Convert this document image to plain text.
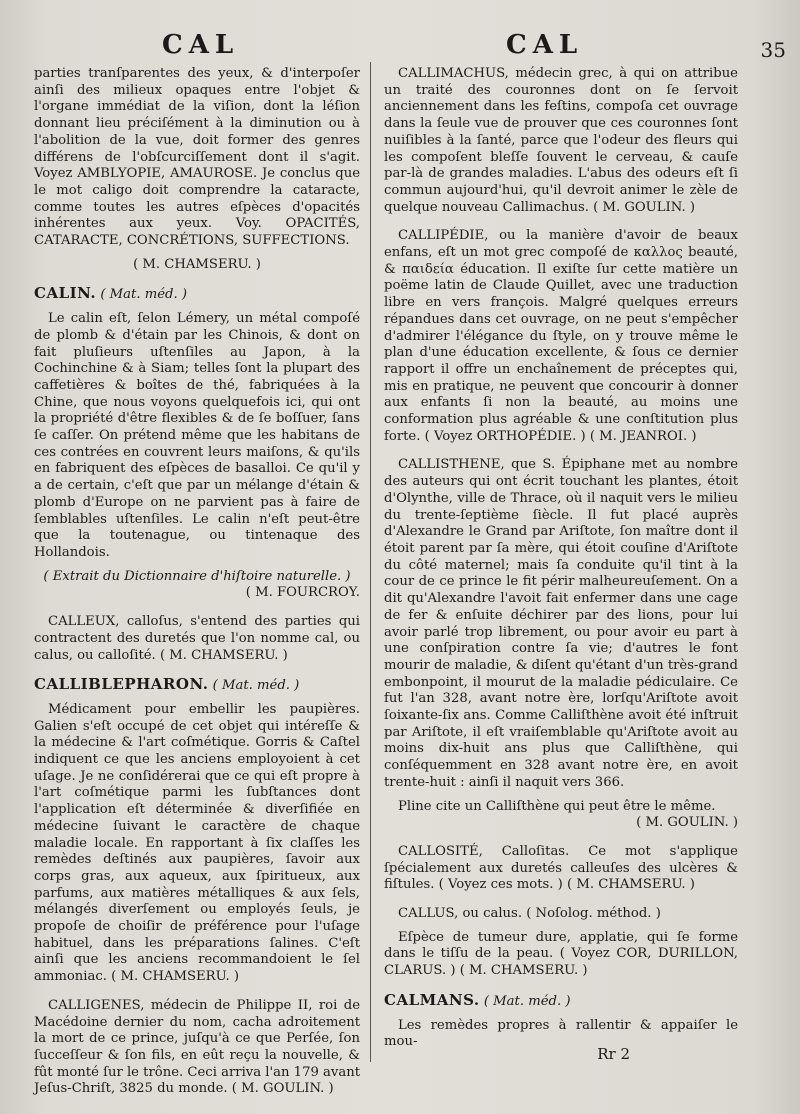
CAL	CAL	35

parties tranſparentes des yeux, & d'interpoſer ainſi des milieux opaques entre l'objet & l'organe immédiat de la viſion, dont la léſion donnant lieu préciſément à la diminution ou à l'abolition de la vue, doit former des genres différens de l'obſcurciſſement dont il s'agit. Voyez AMBLYOPIE, AMAUROSE. Je conclus que le mot caligo doit comprendre la cataracte, comme toutes les autres eſpèces d'opacités inhérentes aux yeux. Voy. OPACITÉS, CATARACTE, CONCRÉTIONS, SUFFECTIONS.

( M. CHAMSERU. )

CALIN. ( Mat. méd. )

Le calin eſt, ſelon Lémery, un métal compoſé de plomb & d'étain par les Chinois, & dont on fait pluſieurs uſtenſiles au Japon, à la Cochinchine & à Siam; telles ſont la plupart des caffetières & boîtes de thé, fabriquées à la Chine, que nous voyons quelquefois ici, qui ont la propriété d'être flexibles & de ſe boſſuer, ſans ſe caſſer. On prétend même que les habitans de ces contrées en couvrent leurs maiſons, & qu'ils en fabriquent des eſpèces de basalloi. Ce qu'il y a de certain, c'eſt que par un mélange d'étain & plomb d'Europe on ne parvient pas à faire de ſemblables uſtenſiles. Le calin n'eſt peut-être que la toutenague, ou tintenaque des Hollandois.

( Extrait du Dictionnaire d'hiſtoire naturelle. )

( M. FOURCROY.

CALLEUX, calloſus, s'entend des parties qui contractent des duretés que l'on nomme cal, ou calus, ou calloſité. ( M. CHAMSERU. )

CALLIBLEPHARON. ( Mat. méd. )

Médicament pour embellir les paupières. Galien s'eſt occupé de cet objet qui intéreſſe & la médecine & l'art coſmétique. Gorris & Caſtel indiquent ce que les anciens employoient à cet uſage. Je ne conſidérerai que ce qui eſt propre à l'art coſmétique parmi les ſubſtances dont l'application eſt déterminée & diverſifiée en médecine ſuivant le caractère de chaque maladie locale. En rapportant à ſix claſſes les remèdes deſtinés aux paupières, ſavoir aux corps gras, aux aqueux, aux ſpiritueux, aux parfums, aux matières métalliques & aux ſels, mélangés diverſement ou employés ſeuls, je propoſe de choiſir de préférence pour l'uſage habituel, dans les préparations ſalines. C'eſt ainſi que les anciens recommandoient le ſel ammoniac. ( M. CHAMSERU. )

CALLIGENES, médecin de Philippe II, roi de Macédoine dernier du nom, cacha adroitement la mort de ce prince, juſqu'à ce que Perſée, ſon ſucceſſeur & ſon fils, en eût reçu la nouvelle, & fût monté ſur le trône. Ceci arriva l'an 179 avant Jeſus-Chriſt, 3825 du monde. ( M. GOULIN. )

CALLIMACHUS, médecin grec, à qui on attribue un traité des couronnes dont on ſe ſervoit anciennement dans les feſtins, compoſa cet ouvrage dans la ſeule vue de prouver que ces couronnes ſont nuiſibles à la ſanté, parce que l'odeur des fleurs qui les compoſent bleſſe ſouvent le cerveau, & cauſe par-là de grandes maladies. L'abus des odeurs eſt ſi commun aujourd'hui, qu'il devroit animer le zèle de quelque nouveau Callimachus. ( M. GOULIN. )

CALLIPÉDIE, ou la manière d'avoir de beaux enfans, eſt un mot grec compoſé de καλλος beauté, & παιδεία éducation. Il exiſte ſur cette matière un poëme latin de Claude Quillet, avec une traduction libre en vers françois. Malgré quelques erreurs répandues dans cet ouvrage, on ne peut s'empêcher d'admirer l'élégance du ſtyle, on y trouve même le plan d'une éducation excellente, & ſous ce dernier rapport il offre un enchaînement de préceptes qui, mis en pratique, ne peuvent que concourir à donner aux enfants ſi non la beauté, au moins une conformation plus agréable & une conſtitution plus forte. ( Voyez ORTHOPÉDIE. ) ( M. JEANROI. )

CALLISTHENE, que S. Épiphane met au nombre des auteurs qui ont écrit touchant les plantes, étoit d'Olynthe, ville de Thrace, où il naquit vers le milieu du trente-ſeptième ſiècle. Il fut placé auprès d'Alexandre le Grand par Ariſtote, ſon maître dont il étoit parent par ſa mère, qui étoit couſine d'Ariſtote du côté maternel; mais ſa conduite qu'il tint à la cour de ce prince le fit périr malheureuſement. On a dit qu'Alexandre l'avoit fait enfermer dans une cage de fer & enſuite déchirer par des lions, pour lui avoir parlé trop librement, ou pour avoir eu part à une conſpiration contre ſa vie; d'autres le font mourir de maladie, & diſent qu'étant d'un très-grand embonpoint, il mourut de la maladie pédiculaire. Ce fut l'an 328, avant notre ère, lorſqu'Ariſtote avoit ſoixante-ſix ans. Comme Calliſthène avoit été inſtruit par Ariſtote, il eſt vraiſemblable qu'Ariſtote avoit au moins dix-huit ans plus que Calliſthène, qui conſéquemment en 328 avant notre ère, en avoit trente-huit : ainſi il naquit vers 366.

Pline cite un Calliſthène qui peut être le même.

( M. GOULIN. )

CALLOSITÉ, Calloſitas. Ce mot s'applique ſpécialement aux duretés calleuſes des ulcères & fiſtules. ( Voyez ces mots. ) ( M. CHAMSERU. )

CALLUS, ou calus. ( Noſolog. méthod. )

Eſpèce de tumeur dure, applatie, qui ſe forme dans le tiſſu de la peau. ( Voyez COR, DURILLON, CLARUS. ) ( M. CHAMSERU. )

CALMANS. ( Mat. méd. )

Les remèdes propres à rallentir & appaiſer le mou-

Rr 2
